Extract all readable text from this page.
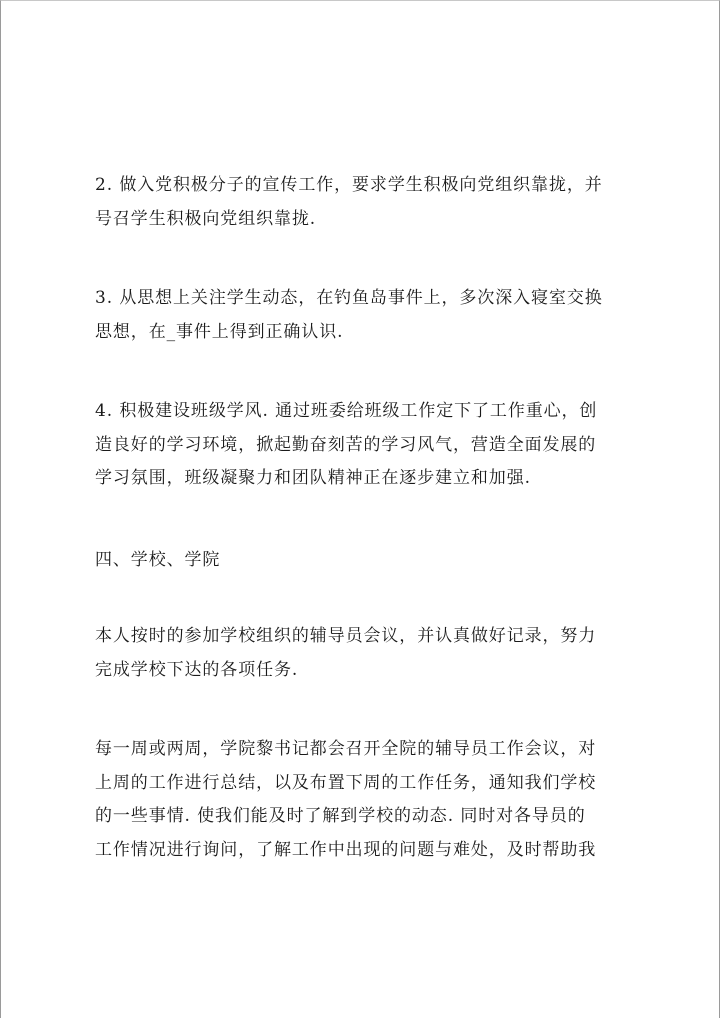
2. 做入党积极分子的宣传工作，要求学生积极向党组织靠拢，并
号召学生积极向党组织靠拢.

3. 从思想上关注学生动态，在钓鱼岛事件上，多次深入寝室交换
思想，在_事件上得到正确认识.

4. 积极建设班级学风. 通过班委给班级工作定下了工作重心，创
造良好的学习环境，掀起勤奋刻苦的学习风气，营造全面发展的
学习氛围，班级凝聚力和团队精神正在逐步建立和加强.

四、学校、学院

本人按时的参加学校组织的辅导员会议，并认真做好记录，努力
完成学校下达的各项任务.

每一周或两周，学院黎书记都会召开全院的辅导员工作会议，对
上周的工作进行总结，以及布置下周的工作任务，通知我们学校
的一些事情. 使我们能及时了解到学校的动态. 同时对各导员的
工作情况进行询问，了解工作中出现的问题与难处，及时帮助我
